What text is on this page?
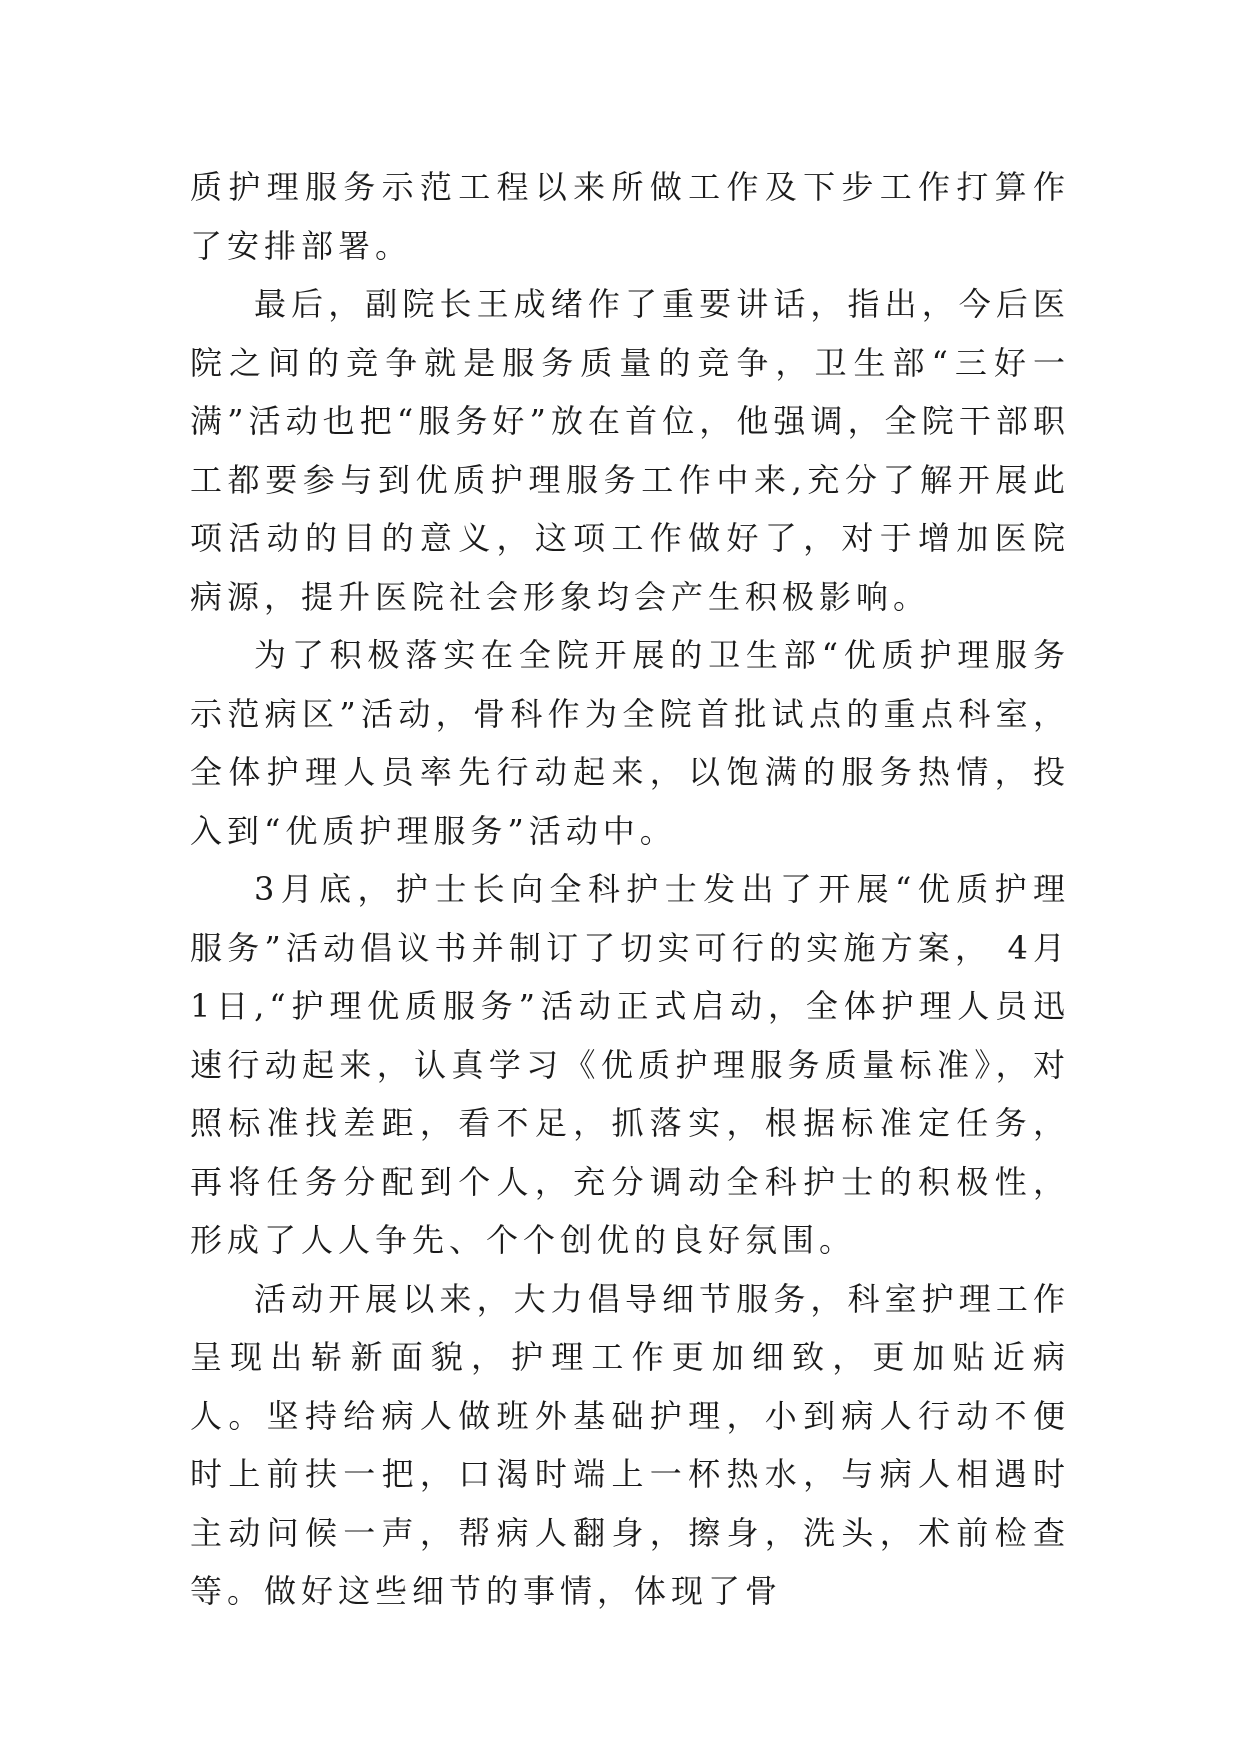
质护理服务示范工程以来所做工作及下步工作打算作了安排部署。

最后，副院长王成绪作了重要讲话，指出，今后医院之间的竞争就是服务质量的竞争，卫生部“三好一满”活动也把“服务好”放在首位，他强调，全院干部职工都要参与到优质护理服务工作中来,充分了解开展此项活动的目的意义，这项工作做好了，对于增加医院病源，提升医院社会形象均会产生积极影响。

为了积极落实在全院开展的卫生部“优质护理服务示范病区”活动，骨科作为全院首批试点的重点科室，全体护理人员率先行动起来，以饱满的服务热情，投入到“优质护理服务”活动中。

3月底，护士长向全科护士发出了开展“优质护理服务”活动倡议书并制订了切实可行的实施方案， 4月1日,“护理优质服务”活动正式启动，全体护理人员迅速行动起来，认真学习《优质护理服务质量标准》，对照标准找差距，看不足，抓落实，根据标准定任务，再将任务分配到个人，充分调动全科护士的积极性，形成了人人争先、个个创优的良好氛围。

活动开展以来，大力倡导细节服务，科室护理工作呈现出崭新面貌，护理工作更加细致，更加贴近病人。坚持给病人做班外基础护理，小到病人行动不便时上前扶一把，口渴时端上一杯热水，与病人相遇时主动问候一声，帮病人翻身，擦身，洗头，术前检查等。做好这些细节的事情，体现了骨
